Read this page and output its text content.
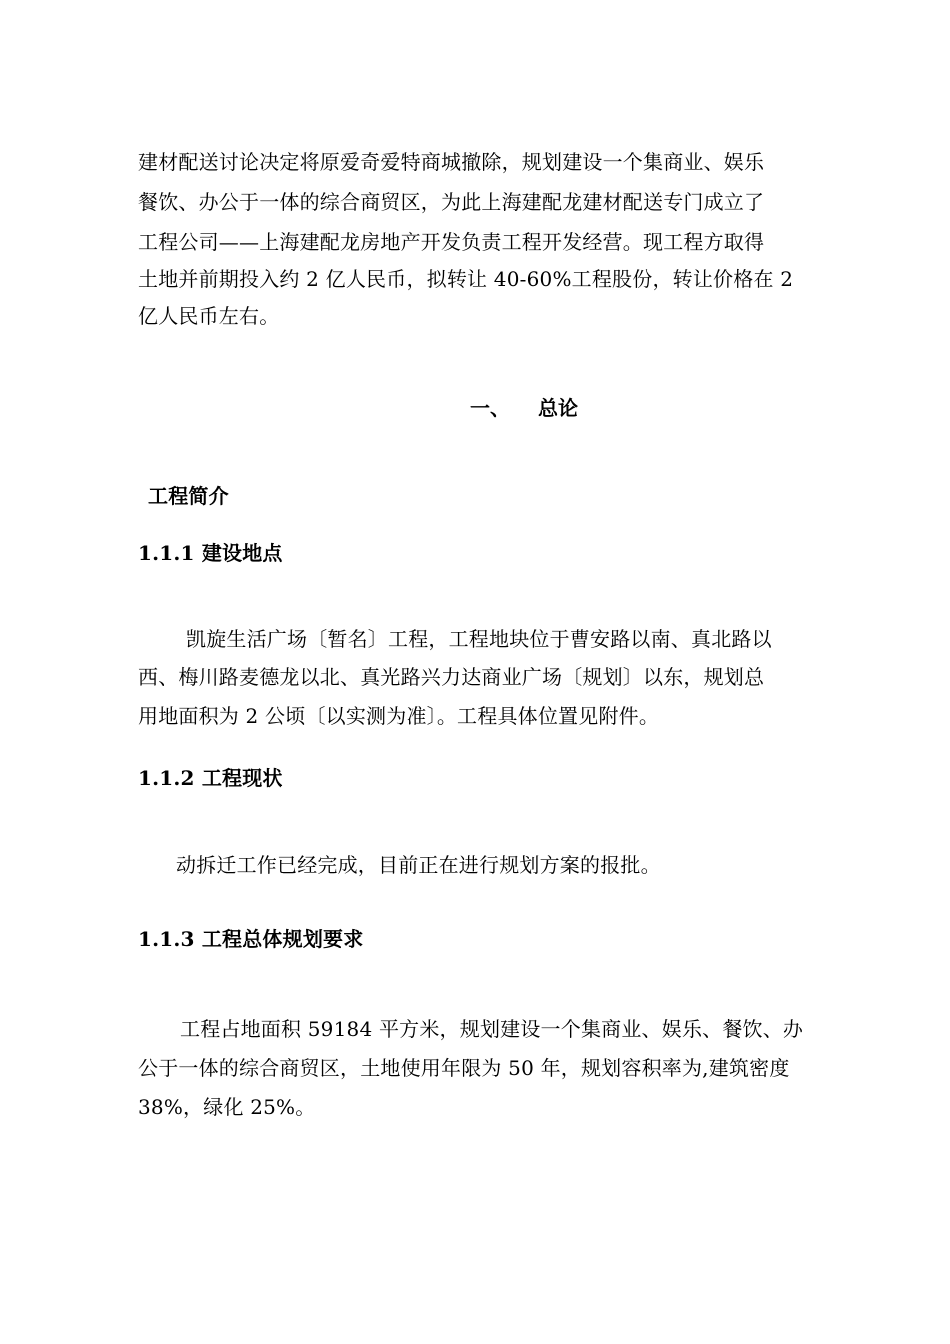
建材配送讨论决定将原爱奇爱特商城撤除，规划建设一个集商业、娱乐
餐饮、办公于一体的综合商贸区，为此上海建配龙建材配送专门成立了
工程公司——上海建配龙房地产开发负责工程开发经营。现工程方取得
土地并前期投入约 2 亿人民币，拟转让 40-60%工程股份，转让价格在 2
亿人民币左右。
一、 总论
工程简介
1.1.1 建设地点
凯旋生活广场〔暂名〕工程，工程地块位于曹安路以南、真北路以
西、梅川路麦德龙以北、真光路兴力达商业广场〔规划〕以东，规划总
用地面积为 2 公顷〔以实测为准〕。工程具体位置见附件。
1.1.2 工程现状
动拆迁工作已经完成，目前正在进行规划方案的报批。
1.1.3 工程总体规划要求
工程占地面积 59184 平方米，规划建设一个集商业、娱乐、餐饮、办
公于一体的综合商贸区，土地使用年限为 50 年，规划容积率为,建筑密度
38%，绿化 25%。
